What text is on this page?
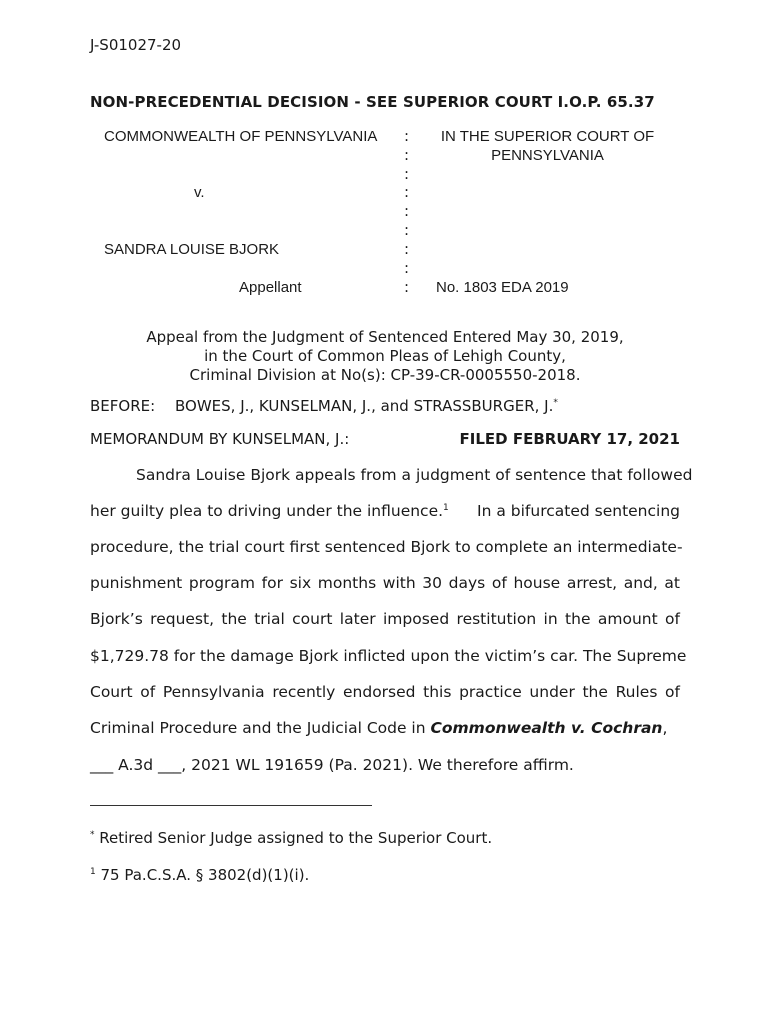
J-S01027-20
NON-PRECEDENTIAL DECISION - SEE SUPERIOR COURT I.O.P. 65.37
COMMONWEALTH OF PENNSYLVANIA
v.
SANDRA LOUISE BJORK
Appellant
:
:
:
:
:
:
:
:
:
IN THE SUPERIOR COURT OF
PENNSYLVANIA
No. 1803 EDA 2019
Appeal from the Judgment of Sentenced Entered May 30, 2019,
in the Court of Common Pleas of Lehigh County,
Criminal Division at No(s): CP-39-CR-0005550-2018.
BEFORE: BOWES, J., KUNSELMAN, J., and STRASSBURGER, J.*
MEMORANDUM BY KUNSELMAN, J.:	FILED FEBRUARY 17, 2021
Sandra Louise Bjork appeals from a judgment of sentence that followed
her guilty plea to driving under the influence.$^1$ In a bifurcated sentencing
procedure, the trial court first sentenced Bjork to complete an intermediate-
punishment program for six months with 30 days of house arrest, and, at
Bjork’s request, the trial court later imposed restitution in the amount of
$1,729.78 for the damage Bjork inflicted upon the victim’s car. The Supreme
Court of Pennsylvania recently endorsed this practice under the Rules of
Criminal Procedure and the Judicial Code in Commonwealth v. Cochran,
___ A.3d ___, 2021 WL 191659 (Pa. 2021). We therefore affirm.
* Retired Senior Judge assigned to the Superior Court.
$^1$ 75 Pa.C.S.A. § 3802(d)(1)(i).
